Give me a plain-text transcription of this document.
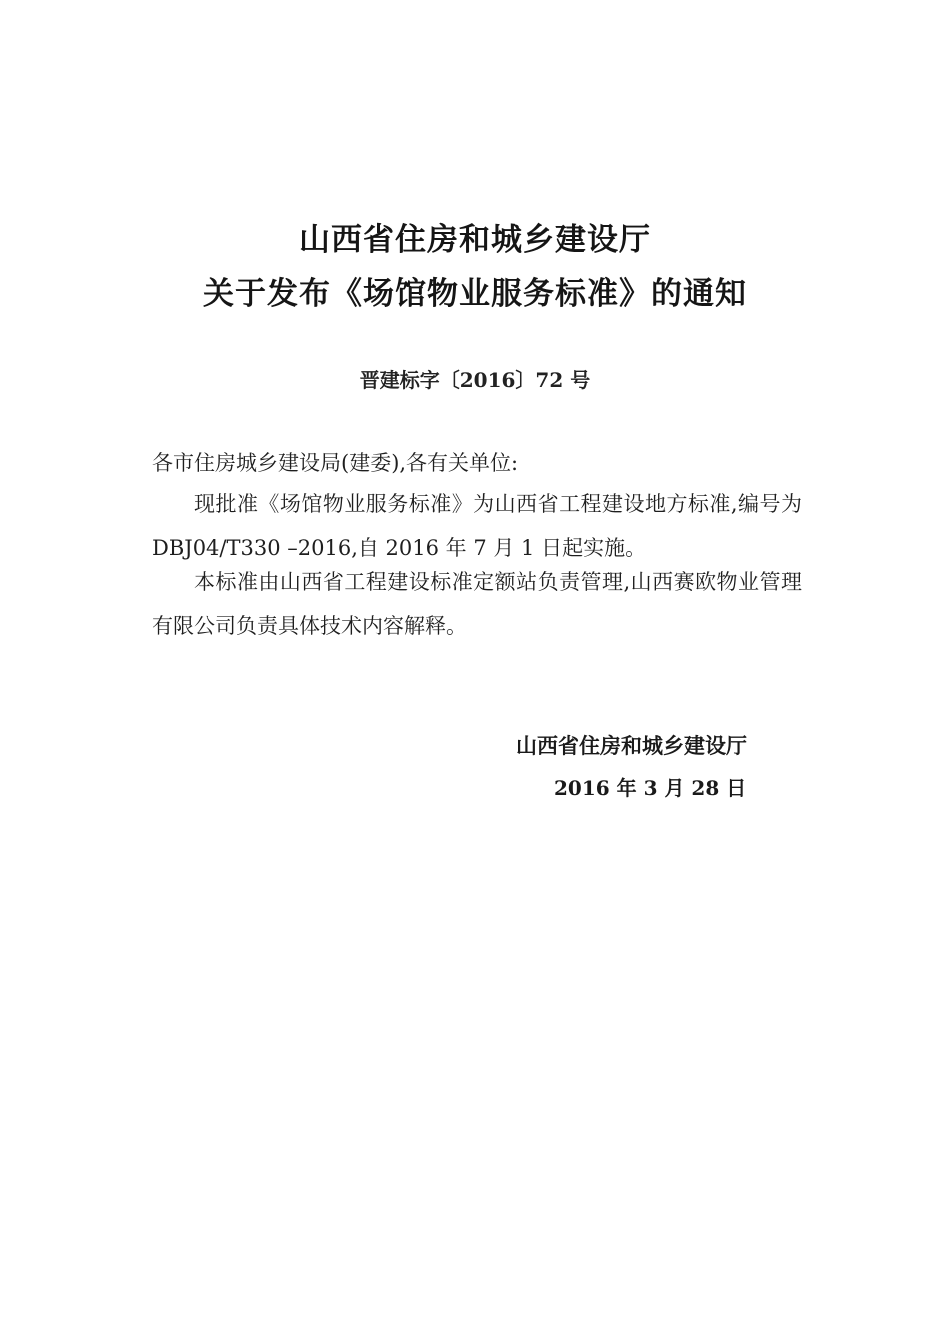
山西省住房和城乡建设厅
关于发布《场馆物业服务标准》的通知
晋建标字〔2016〕72 号
各市住房城乡建设局(建委),各有关单位:
现批准《场馆物业服务标准》为山西省工程建设地方标准,编号为 DBJ04/T330 –2016,自 2016 年 7 月 1 日起实施。
本标准由山西省工程建设标准定额站负责管理,山西赛欧物业管理有限公司负责具体技术内容解释。
山西省住房和城乡建设厅
2016 年 3 月 28 日
